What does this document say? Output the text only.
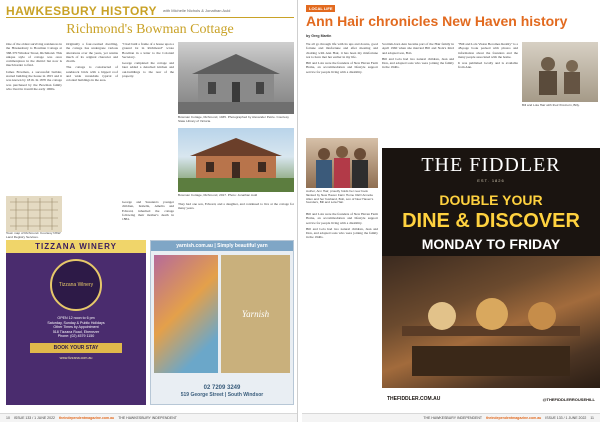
HAWKESBURY HISTORY with Michelle Nichols & Jonathan Auld
Richmond's Bowman Cottage

One of the oldest surviving residences in the Hawkesbury is Bowman Cottage at 368-370 Windsor Street, Richmond. This unique style of cottage was once commonplace in the district but now is much harder to find.

James Bowman, a successful builder, started building the house in 1815 and it was known by 1816. In 1870 the cottage was purchased by the Bowman family who lived in it until the early 1900s.

Town map of Richmond. Courtesy NSW Land Registry Services.

Originally a four-roomed dwelling, the cottage has undergone various alterations over the years, yet retains much of its original character and charm.

The cottage is constructed of sandstock brick with a hipped roof and wide verandahs typical of colonial buildings in the area.

"I had built a frame of a house upon a ground lot in Richmond" wrote Bowman in a letter to the Colonial Secretary.

George completed the cottage and later added a detached kitchen and out-buildings to the rear of the property.

Bowman Cottage, Richmond, 1935. Photographed by Alexander Petrie. Courtesy State Library of Victoria.
Bowman Cottage, Richmond, 2017. Photo: Jonathan Auld

George and Susanna's younger children, Isabella, Amelia and Edward, inherited the cottage following their mother's death in 1884.

They had one son, Edward, and a daughter, and continued to live at the cottage for many years.

TIZZANA WINERY
Tizzana Winery
OPEN 12 noon to 6 pm
Saturday, Sunday & Public Holidays
Other Times by Appointment
518 Tizzana Road, Ebenezer
Phone: (02) 4579 1150
BOOK YOUR STAY
www.tizzana.com.au
yarnish.com.au | Simply beautiful yarn
Yarnish
02 7209 3249
519 George Street | South Windsor
10 ISSUE 133 / 1 JUNE 2022 theindependentmagazine.com.au THE HAWKESBURY INDEPENDENT
LOCAL LIFE
Ann Hair chronicles New Haven history
by Greg Martin

We all go through life with its ups and downs, good fortune and misfortune and after meeting and chatting with Ann Hair, it has been my misfortune not to have met her earlier in my life.

Bill and Lola were the founders of New Haven Farm Home, an accommodation and lifestyle support service for people living with a disability.

Scottish-born Ann became part of the Hair family in April 1960 when she married Bill and Nola's third and adopted son, Bob.

Bill and Lola had two natural children, Jean and Don, and adopted sons who were joining the family in the 1940s.

"Bill and Lola Vision Becomes Reality" is a 48-page book packed with photos and information about the founders and the many people associated with the home.

It was published locally and is available from Ann.

Bill and Lola Hair with their first-born, Billy.
Author, Ann Hair, proudly holds her new book flanked by New Haven Farm Home CEO Annette Allen and her husband, Bob, son of New Haven's founders, Bill and Lola Hair.

Bill and Lola were the founders of New Haven Farm Home, an accommodation and lifestyle support service for people living with a disability.

Bill and Lola had two natural children, Jean and Don, and adopted sons who were joining the family in the 1940s.

THE FIDDLER
EST. 1826
DOUBLE YOUR
DINE & DISCOVER
MONDAY TO FRIDAY
THEFIDDLER.COM.AU	@THEFIDDLERROUSEHILL
THE HAWKESBURY INDEPENDENT theindependentmagazine.com.au ISSUE 133 / 1 JUNE 2022 11
